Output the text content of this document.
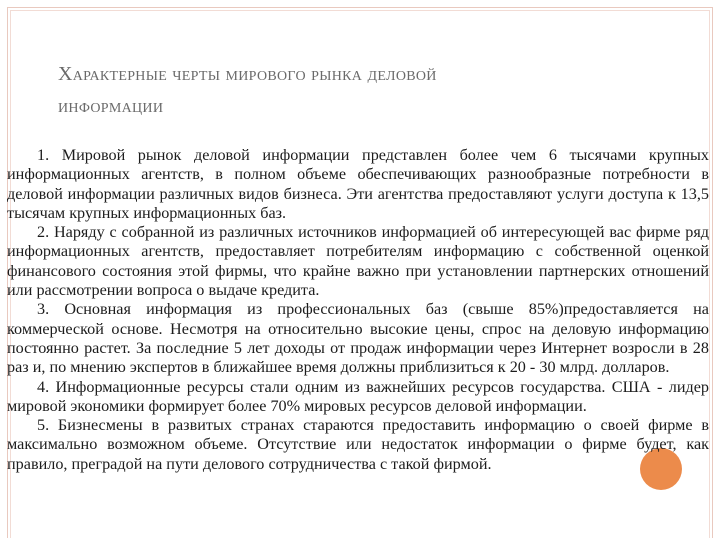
Характерные черты мирового рынка деловой
информации

1. Мировой рынок деловой информации представлен более чем 6 тысячами крупных информационных агентств, в полном объеме обеспечивающих разнообразные потребности в деловой информации различных видов бизнеса. Эти агентства предоставляют услуги доступа к 13,5 тысячам крупных информационных баз.

2. Наряду с собранной из различных источников информацией об интересующей вас фирме ряд информационных агентств, предоставляет потребителям информацию с собственной оценкой финансового состояния этой фирмы, что крайне важно при установлении партнерских отношений или рассмотрении вопроса о выдаче кредита.

3. Основная информация из профессиональных баз (свыше 85%)предоставляется на коммерческой основе. Несмотря на относительно высокие цены, спрос на деловую информацию постоянно растет. За последние 5 лет доходы от продаж информации через Интернет возросли в 28 раз и, по мнению экспертов в ближайшее время должны приблизиться к 20 - 30 млрд. долларов.

4. Информационные ресурсы стали одним из важнейших ресурсов государства. США - лидер мировой экономики формирует более 70% мировых ресурсов деловой информации.

5. Бизнесмены в развитых странах стараются предоставить информацию о своей фирме в максимально возможном объеме. Отсутствие или недостаток информации о фирме будет, как правило, преградой на пути делового сотрудничества с такой фирмой.
